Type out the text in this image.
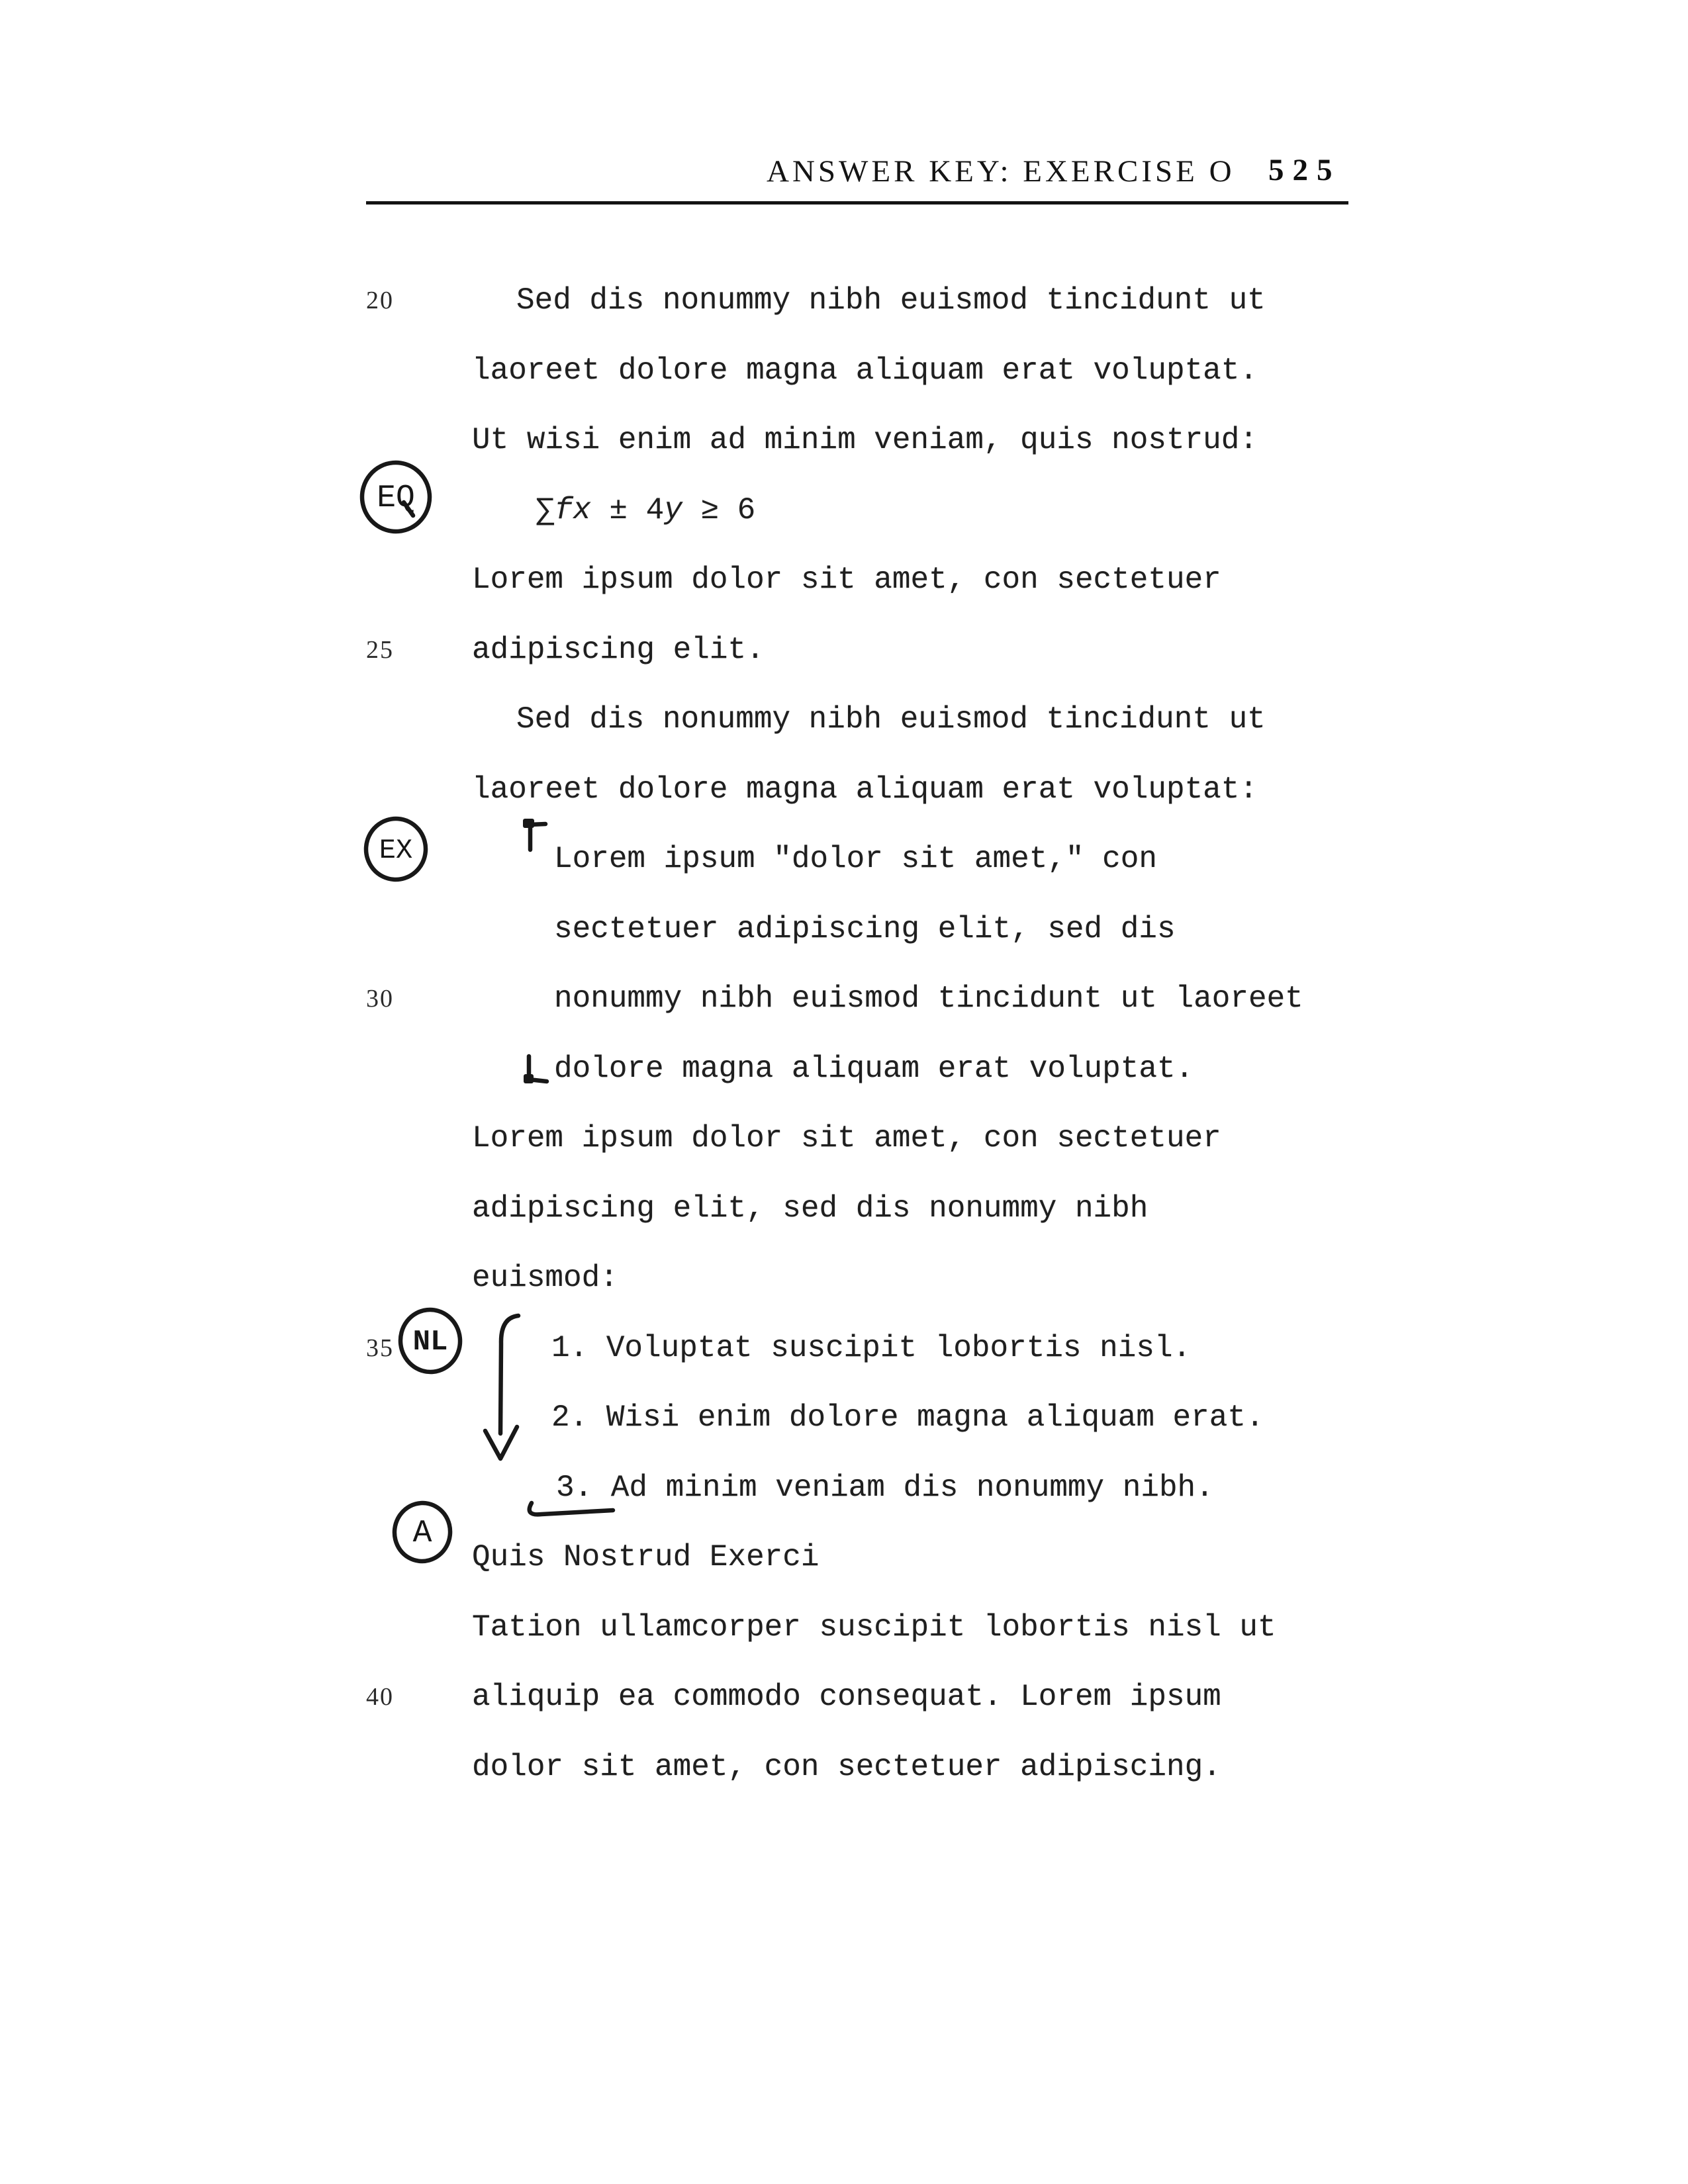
ANSWER KEY: EXERCISE O 525
20	Sed dis nonummy nibh euismod tincidunt ut
laoreet dolore magna aliquam erat voluptat.
Ut wisi enim ad minim veniam, quis nostrud:
∑fx ± 4y ≥ 6
Lorem ipsum dolor sit amet, con sectetuer
25	adipiscing elit.
Sed dis nonummy nibh euismod tincidunt ut
laoreet dolore magna aliquam erat voluptat:
Lorem ipsum "dolor sit amet," con
sectetuer adipiscing elit, sed dis
30	nonummy nibh euismod tincidunt ut laoreet
dolore magna aliquam erat voluptat.
Lorem ipsum dolor sit amet, con sectetuer
adipiscing elit, sed dis nonummy nibh
euismod:
35	1. Voluptat suscipit lobortis nisl.
2. Wisi enim dolore magna aliquam erat.
3. Ad minim veniam dis nonummy nibh.
Quis Nostrud Exerci
Tation ullamcorper suscipit lobortis nisl ut
40	aliquip ea commodo consequat. Lorem ipsum
dolor sit amet, con sectetuer adipiscing.
EQ
EX
NL
A
